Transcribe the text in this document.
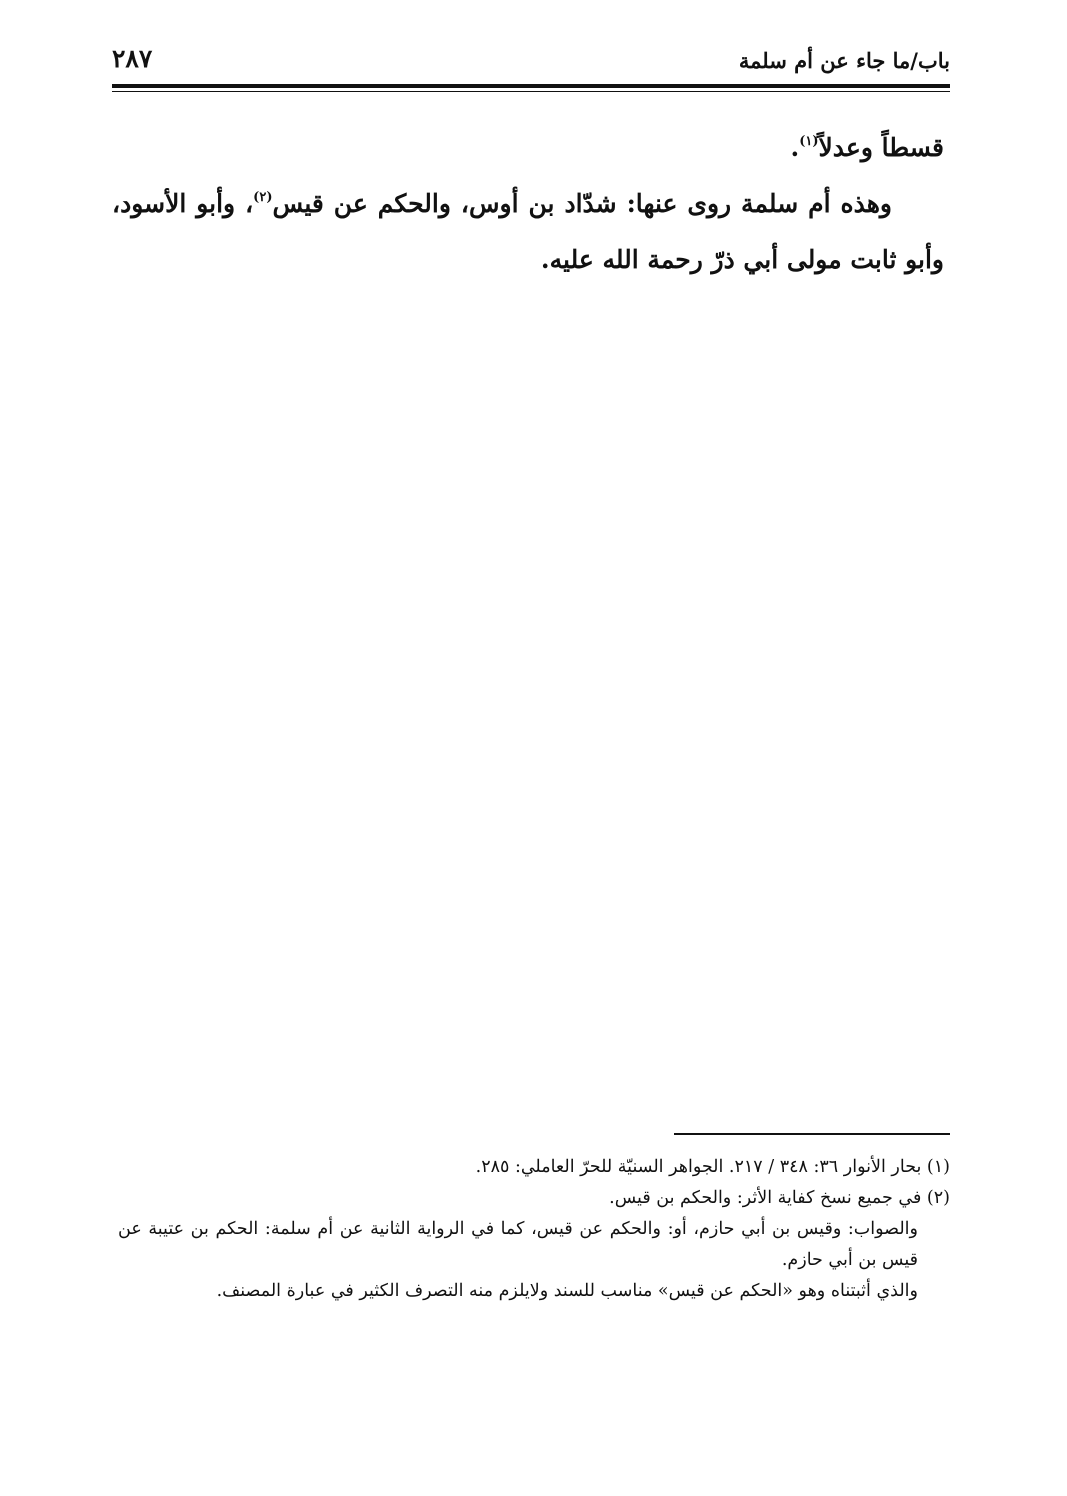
باب/ما جاء عن أم سلمة
٢٨٧

قسطاً وعدلاً$^{(١)}$.

وهذه أم سلمة روى عنها: شدّاد بن أوس، والحكم عن قيس$^{(٢)}$، وأبو الأسود، وأبو ثابت مولى أبي ذرّ رحمة الله عليه.

(١) بحار الأنوار ٣٦: ٣٤٨ / ٢١٧. الجواهر السنيّة للحرّ العاملي: ٢٨٥.

(٢) في جميع نسخ كفاية الأثر: والحكم بن قيس.

والصواب: وقيس بن أبي حازم، أو: والحكم عن قيس، كما في الرواية الثانية عن أم سلمة: الحكم بن عتيبة عن قيس بن أبي حازم.

والذي أثبتناه وهو «الحكم عن قيس» مناسب للسند ولايلزم منه التصرف الكثير في عبارة المصنف.
